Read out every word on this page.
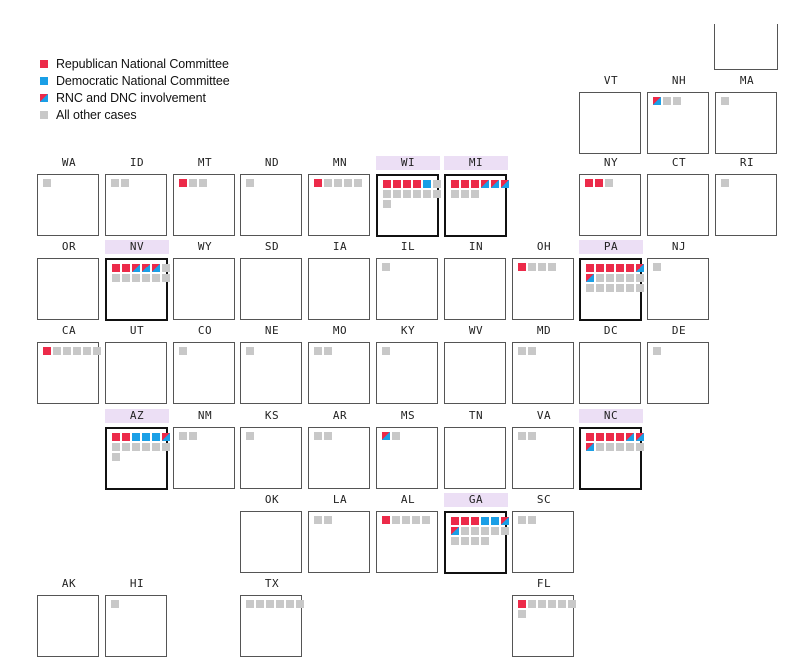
Republican National Committee
Democratic National Committee
RNC and DNC involvement
All other cases
VT	NH	MA
WA	ID	MT	ND	MN	WI	MI	NY	CT	RI
OR	NV	WY	SD	IA	IL	IN	OH	PA	NJ
CA	UT	CO	NE	MO	KY	WV	MD	DC	DE
AZ	NM	KS	AR	MS	TN	VA	NC
OK	LA	AL	GA	SC
AK	HI	TX	FL
